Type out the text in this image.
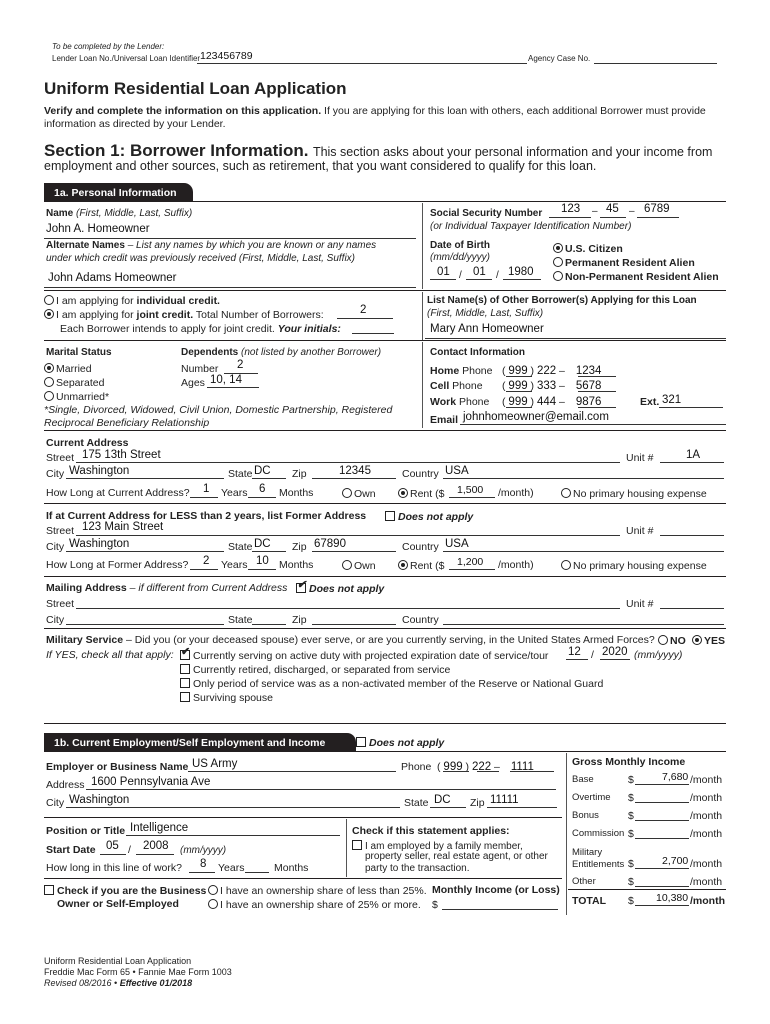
To be completed by the Lender:
Lender Loan No./Universal Loan Identifier 123456789	Agency Case No.
Uniform Residential Loan Application
Verify and complete the information on this application. If you are applying for this loan with others, each additional Borrower must provide
information as directed by your Lender.
Section 1: Borrower Information. This section asks about your personal information and your income from
employment and other sources, such as retirement, that you want considered to qualify for this loan.
1a. Personal Information
Name (First, Middle, Last, Suffix)
John A. Homeowner
Alternate Names – List any names by which you are known or any names
under which credit was previously received (First, Middle, Last, Suffix)
John Adams Homeowner
Social Security Number 123 – 45 – 6789
(or Individual Taxpayer Identification Number)
Date of Birth
(mm/dd/yyyy)
01 / 01 / 1980
U.S. Citizen
Permanent Resident Alien
Non-Permanent Resident Alien
I am applying for individual credit.
I am applying for joint credit. Total Number of Borrowers:	2
Each Borrower intends to apply for joint credit. Your initials:
List Name(s) of Other Borrower(s) Applying for this Loan
(First, Middle, Last, Suffix)
Mary Ann Homeowner
Marital Status
Married
Separated
Unmarried*
*Single, Divorced, Widowed, Civil Union, Domestic Partnership, Registered
Reciprocal Beneficiary Relationship
Dependents (not listed by another Borrower)
Number 2
Ages 10, 14
Contact Information
Home Phone ( 999 ) 222 – 1234
Cell Phone ( 999 ) 333 – 5678
Work Phone ( 999 ) 444 – 9876	Ext. 321
Email johnhomeowner@email.com
Current Address
Street 175 13th Street	Unit #	1A
City Washington	State DC Zip	12345	Country USA
How Long at Current Address? 1 Years 6 Months	Own	Rent ($ 1,500 /month)	No primary housing expense
If at Current Address for LESS than 2 years, list Former Address	Does not apply
Street 123 Main Street	Unit #
City Washington	State DC Zip 67890	Country USA
How Long at Former Address? 2 Years 10 Months	Own	Rent ($ 1,200 /month)	No primary housing expense
Mailing Address – if different from Current Address ✔	Does not apply
Street	Unit #
City	State	Zip	Country
Military Service – Did you (or your deceased spouse) ever serve, or are you currently serving, in the United States Armed Forces?	NO	YES
If YES, check all that apply: ✔	Currently serving on active duty with projected expiration date of service/tour 12 / 2020 (mm/yyyy)
Currently retired, discharged, or separated from service
Only period of service was as a non-activated member of the Reserve or National Guard
Surviving spouse
1b. Current Employment/Self Employment and Income	Does not apply
Employer or Business Name US Army	Phone ( 999 ) 222 – 1111
Address 1600 Pennsylvania Ave
City Washington	State DC Zip 11111
Position or Title Intelligence
Start Date 05 / 2008 (mm/yyyy)
How long in this line of work? 8 Years	Months
Check if this statement applies:
I am employed by a family member,
property seller, real estate agent, or other
party to the transaction.
Check if you are the Business
Owner or Self-Employed
I have an ownership share of less than 25%.
I have an ownership share of 25% or more.
Monthly Income (or Loss)
$
Gross Monthly Income
Base	$	7,680 /month
Overtime $	/month
Bonus	$	/month
Commission $	/month
Military Entitlements $	2,700 /month
Other	$	/month
TOTAL $ 10,380 /month
Uniform Residential Loan Application
Freddie Mac Form 65 • Fannie Mae Form 1003
Revised 08/2016 • Effective 01/2018
